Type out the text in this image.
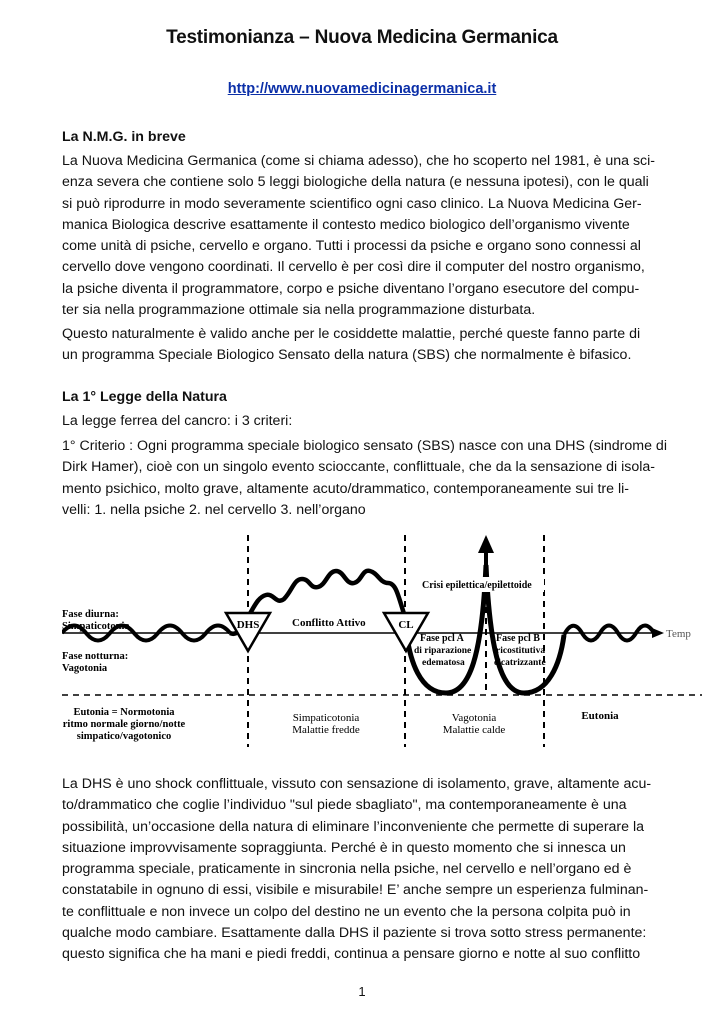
Testimonianza – Nuova Medicina Germanica
http://www.nuovamedicinagermanica.it
La N.M.G. in breve
La Nuova Medicina Germanica (come si chiama adesso), che ho scoperto nel 1981, è una sci-
enza severa che contiene solo 5 leggi biologiche della natura (e nessuna ipotesi), con le quali
si può riprodurre in modo severamente scientifico ogni caso clinico. La Nuova Medicina Ger-
manica Biologica descrive esattamente il contesto medico biologico dell’organismo vivente
come unità di psiche, cervello e organo. Tutti i processi da psiche e organo sono connessi al
cervello dove vengono coordinati. Il cervello è per così dire il computer del nostro organismo,
la psiche diventa il programmatore, corpo e psiche diventano l’organo esecutore del compu-
ter sia nella programmazione ottimale sia nella programmazione disturbata.
Questo naturalmente è valido anche per le cosiddette malattie, perché queste fanno parte di
un programma Speciale Biologico Sensato della natura (SBS) che normalmente è bifasico.
La 1° Legge della Natura
La legge ferrea del cancro: i 3 criteri:
1° Criterio : Ogni programma speciale biologico sensato (SBS) nasce con una DHS (sindrome di
Dirk Hamer), cioè con un singolo evento scioccante, conflittuale, che da la sensazione di isola-
mento psichico, molto grave, altamente acuto/drammatico, contemporaneamente sui tre li-
velli: 1. nella psiche 2. nel cervello 3. nell’organo
DHS	CL
Fase diurna:
Simpaticotonia
Fase notturna:
Vagotonia
Conflitto Attivo
Crisi epilettica/epilettoide
Fase pcl A
di riparazione
edematosa
Fase pcl B
ricostitutiva
cicatrizzante
Temp
Eutonia = Normotonia
ritmo normale giorno/notte
simpatico/vagotonico
Simpaticotonia
Malattie fredde
Vagotonia
Malattie calde
Eutonia
La DHS è uno shock conflittuale, vissuto con sensazione di isolamento, grave, altamente acu-
to/drammatico che coglie l’individuo "sul piede sbagliato", ma contemporaneamente è una
possibilità, un’occasione della natura di eliminare l’inconveniente che permette di superare la
situazione improvvisamente sopraggiunta. Perché è in questo momento che si innesca un
programma speciale, praticamente in sincronia nella psiche, nel cervello e nell’organo ed è
constatabile in ognuno di essi, visibile e misurabile! E’ anche sempre un esperienza fulminan-
te conflittuale e non invece un colpo del destino ne un evento che la persona colpita può in
qualche modo cambiare. Esattamente dalla DHS il paziente si trova sotto stress permanente:
questo significa che ha mani e piedi freddi, continua a pensare giorno e notte al suo conflitto
1
